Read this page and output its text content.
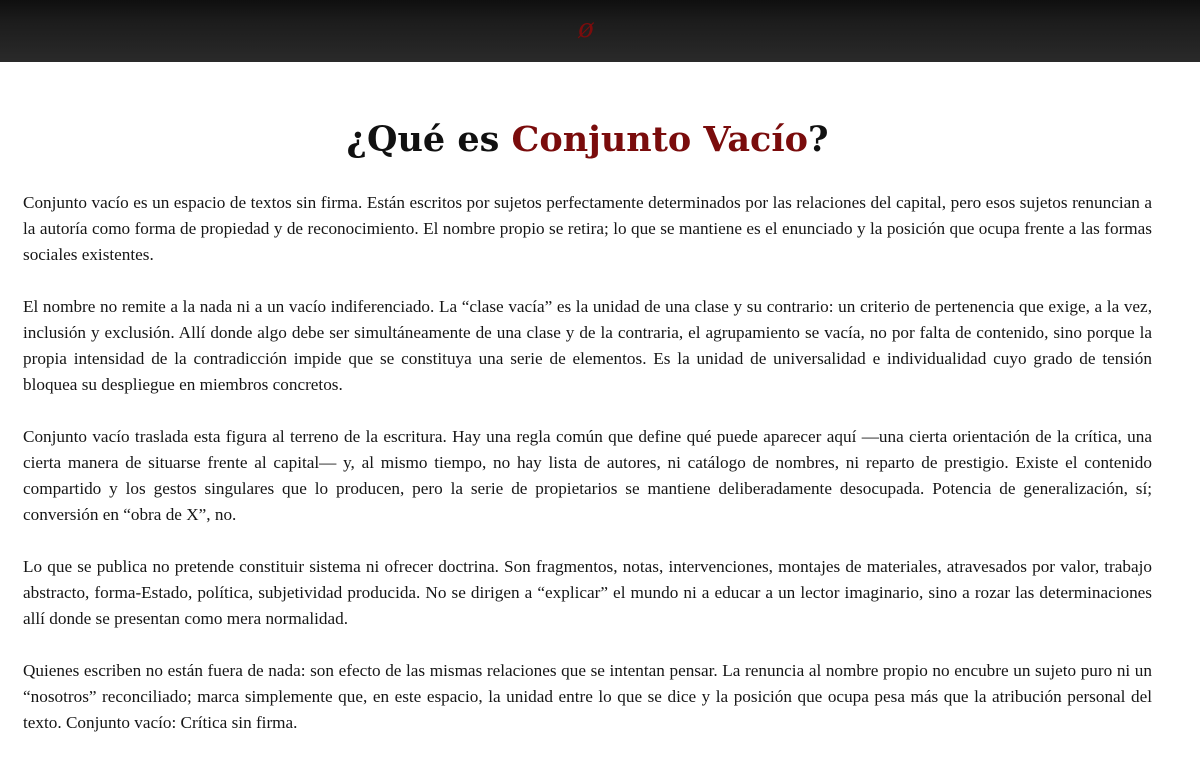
ø
¿Qué es Conjunto Vacío?

Conjunto vacío es un espacio de textos sin firma. Están escritos por sujetos perfectamente determinados por las relaciones del capital, pero esos sujetos renuncian a la autoría como forma de propiedad y de reconocimiento. El nombre propio se retira; lo que se mantiene es el enunciado y la posición que ocupa frente a las formas sociales existentes.

El nombre no remite a la nada ni a un vacío indiferenciado. La “clase vacía” es la unidad de una clase y su contrario: un criterio de pertenencia que exige, a la vez, inclusión y exclusión. Allí donde algo debe ser simultáneamente de una clase y de la contraria, el agrupamiento se vacía, no por falta de contenido, sino porque la propia intensidad de la contradicción impide que se constituya una serie de elementos. Es la unidad de universalidad e individualidad cuyo grado de tensión bloquea su despliegue en miembros concretos.

Conjunto vacío traslada esta figura al terreno de la escritura. Hay una regla común que define qué puede aparecer aquí —una cierta orientación de la crítica, una cierta manera de situarse frente al capital— y, al mismo tiempo, no hay lista de autores, ni catálogo de nombres, ni reparto de prestigio. Existe el contenido compartido y los gestos singulares que lo producen, pero la serie de propietarios se mantiene deliberadamente desocupada. Potencia de generalización, sí; conversión en “obra de X”, no.

Lo que se publica no pretende constituir sistema ni ofrecer doctrina. Son fragmentos, notas, intervenciones, montajes de materiales, atravesados por valor, trabajo abstracto, forma-Estado, política, subjetividad producida. No se dirigen a “explicar” el mundo ni a educar a un lector imaginario, sino a rozar las determinaciones allí donde se presentan como mera normalidad.

Quienes escriben no están fuera de nada: son efecto de las mismas relaciones que se intentan pensar. La renuncia al nombre propio no encubre un sujeto puro ni un “nosotros” reconciliado; marca simplemente que, en este espacio, la unidad entre lo que se dice y la posición que ocupa pesa más que la atribución personal del texto. Conjunto vacío: Crítica sin firma.
